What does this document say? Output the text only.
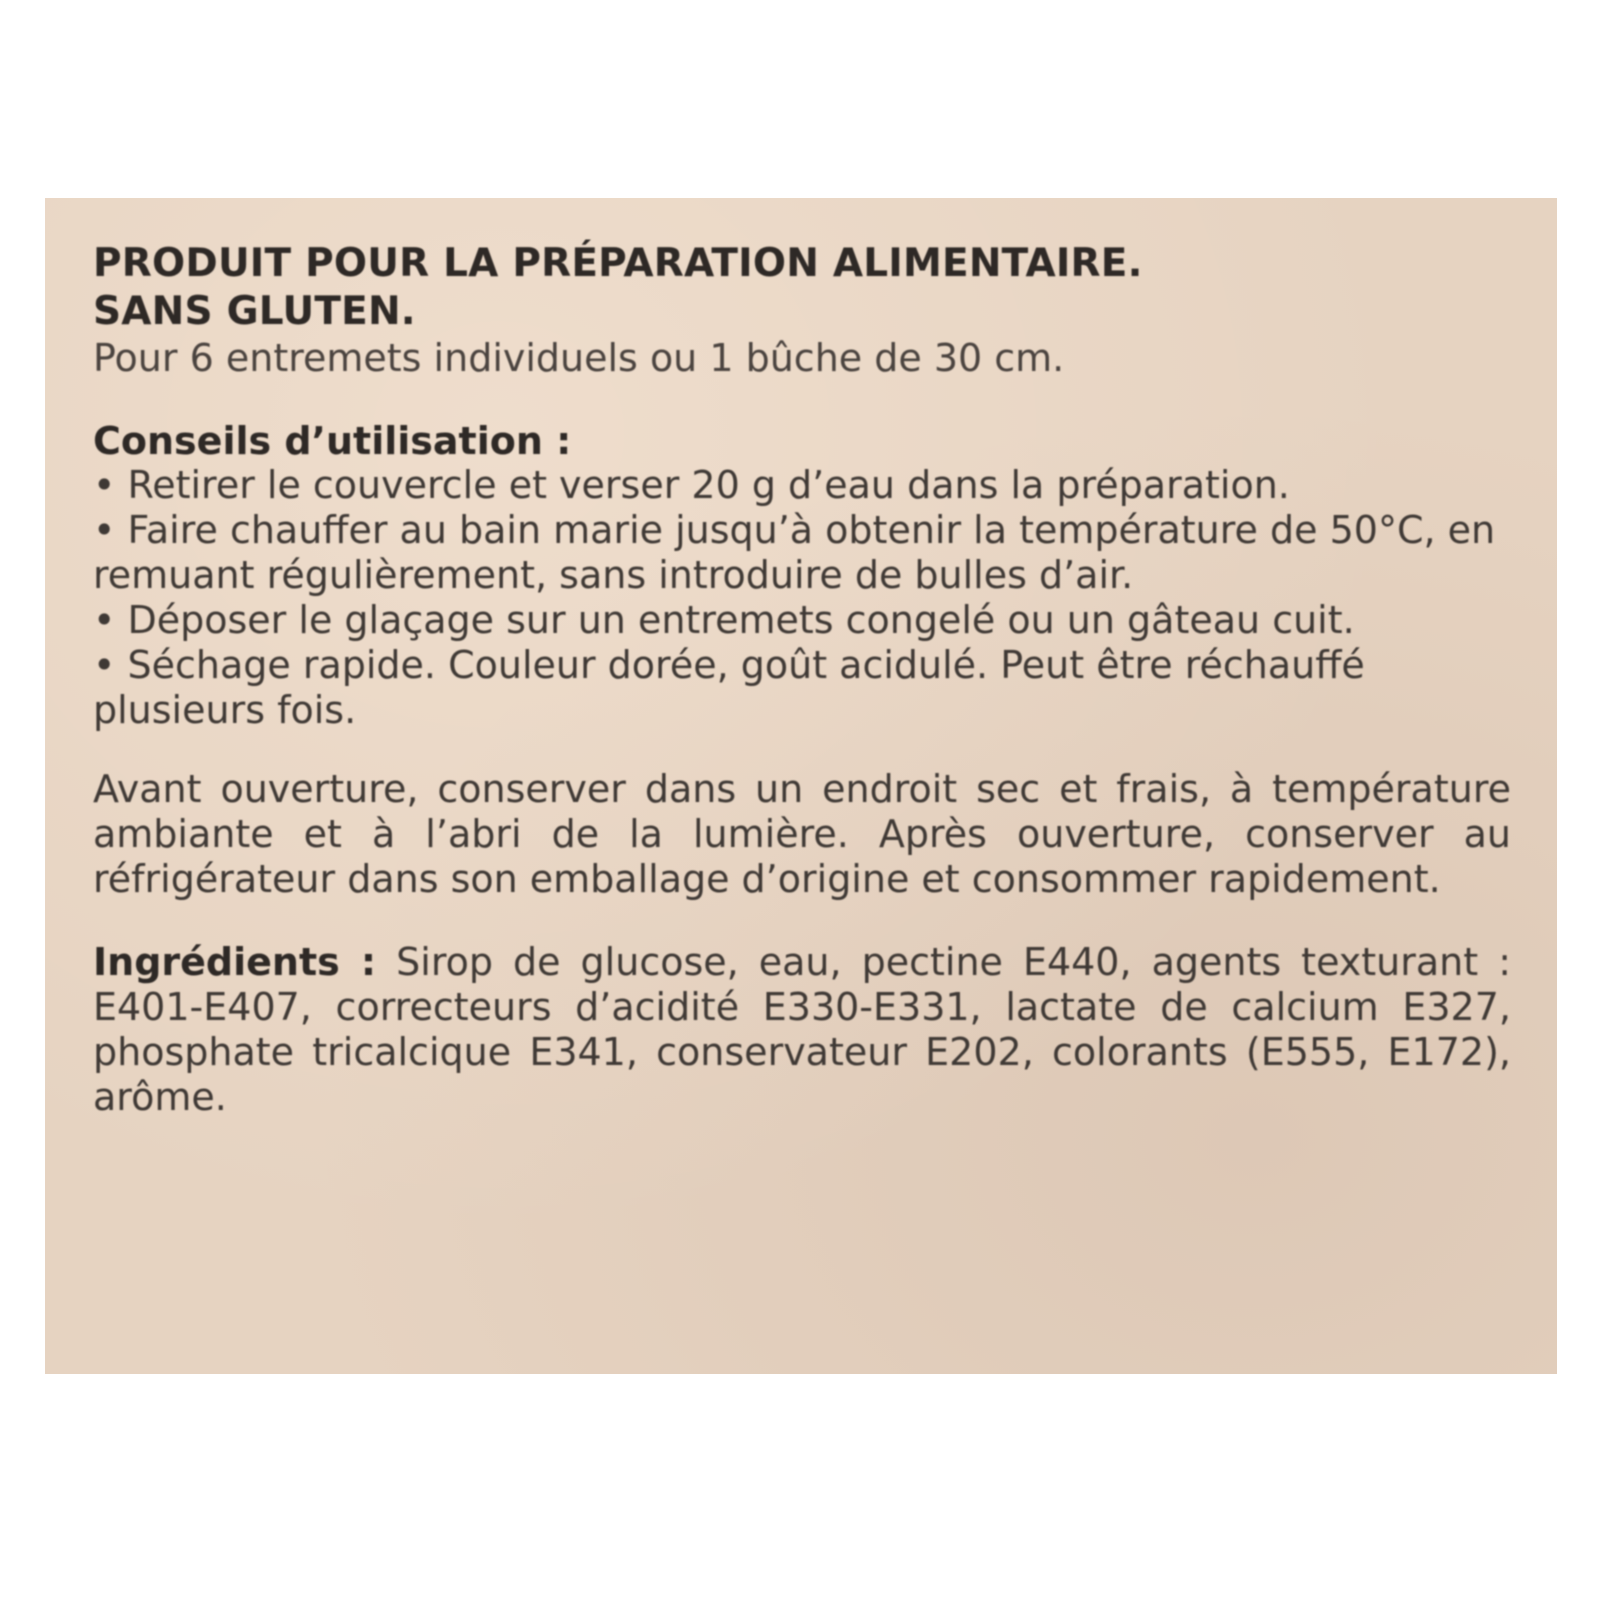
PRODUIT POUR LA PRÉPARATION ALIMENTAIRE.
SANS GLUTEN.
Pour 6 entremets individuels ou 1 bûche de 30 cm.
Conseils d’utilisation :
• Retirer le couvercle et verser 20 g d’eau dans la préparation.
• Faire chauffer au bain marie jusqu’à obtenir la température de 50°C, en remuant régulièrement, sans introduire de bulles d’air.
• Déposer le glaçage sur un entremets congelé ou un gâteau cuit.
• Séchage rapide. Couleur dorée, goût acidulé. Peut être réchauffé plusieurs fois.
Avant ouverture, conserver dans un endroit sec et frais, à température ambiante et à l’abri de la lumière. Après ouverture, conserver au réfrigérateur dans son emballage d’origine et consommer rapidement.
Ingrédients : Sirop de glucose, eau, pectine E440, agents texturant : E401-E407, correcteurs d’acidité E330-E331, lactate de calcium E327, phosphate tricalcique E341, conservateur E202, colorants (E555, E172), arôme.
